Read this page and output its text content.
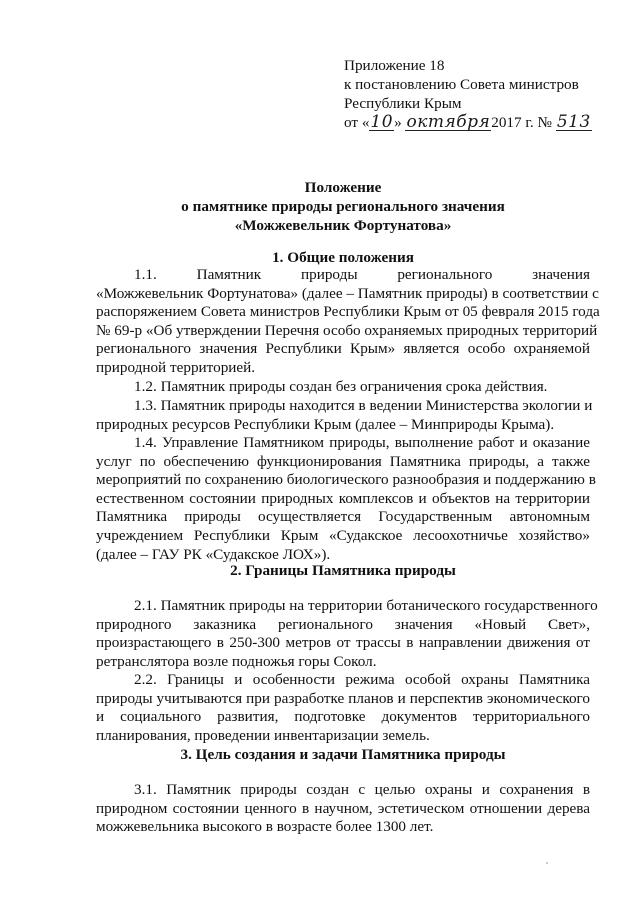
Приложение 18
к постановлению Совета министров
Республики Крым
от «10» октября2017 г. № 513
Положение
о памятнике природы регионального значения
«Можжевельник Фортунатова»
1. Общие положения
1.1. Памятник природы регионального значения
«Можжевельник Фортунатова» (далее – Памятник природы) в соответствии с
распоряжением Совета министров Республики Крым от 05 февраля 2015 года
№ 69-р «Об утверждении Перечня особо охраняемых природных территорий
регионального значения Республики Крым» является особо охраняемой
природной территорией.
1.2. Памятник природы создан без ограничения срока действия.
1.3. Памятник природы находится в ведении Министерства экологии и
природных ресурсов Республики Крым (далее – Минприроды Крыма).
1.4. Управление Памятником природы, выполнение работ и оказание
услуг по обеспечению функционирования Памятника природы, а также
мероприятий по сохранению биологического разнообразия и поддержанию в
естественном состоянии природных комплексов и объектов на территории
Памятника природы осуществляется Государственным автономным
учреждением Республики Крым «Судакское лесоохотничье хозяйство»
(далее – ГАУ РК «Судакское ЛОХ»).
2. Границы Памятника природы
2.1. Памятник природы на территории ботанического государственного
природного заказника регионального значения «Новый Свет»,
произрастающего в 250-300 метров от трассы в направлении движения от
ретранслятора возле подножья горы Сокол.
2.2. Границы и особенности режима особой охраны Памятника
природы учитываются при разработке планов и перспектив экономического
и социального развития, подготовке документов территориального
планирования, проведении инвентаризации земель.
3. Цель создания и задачи Памятника природы
3.1. Памятник природы создан с целью охраны и сохранения в
природном состоянии ценного в научном, эстетическом отношении дерева
можжевельника высокого в возрасте более 1300 лет.
